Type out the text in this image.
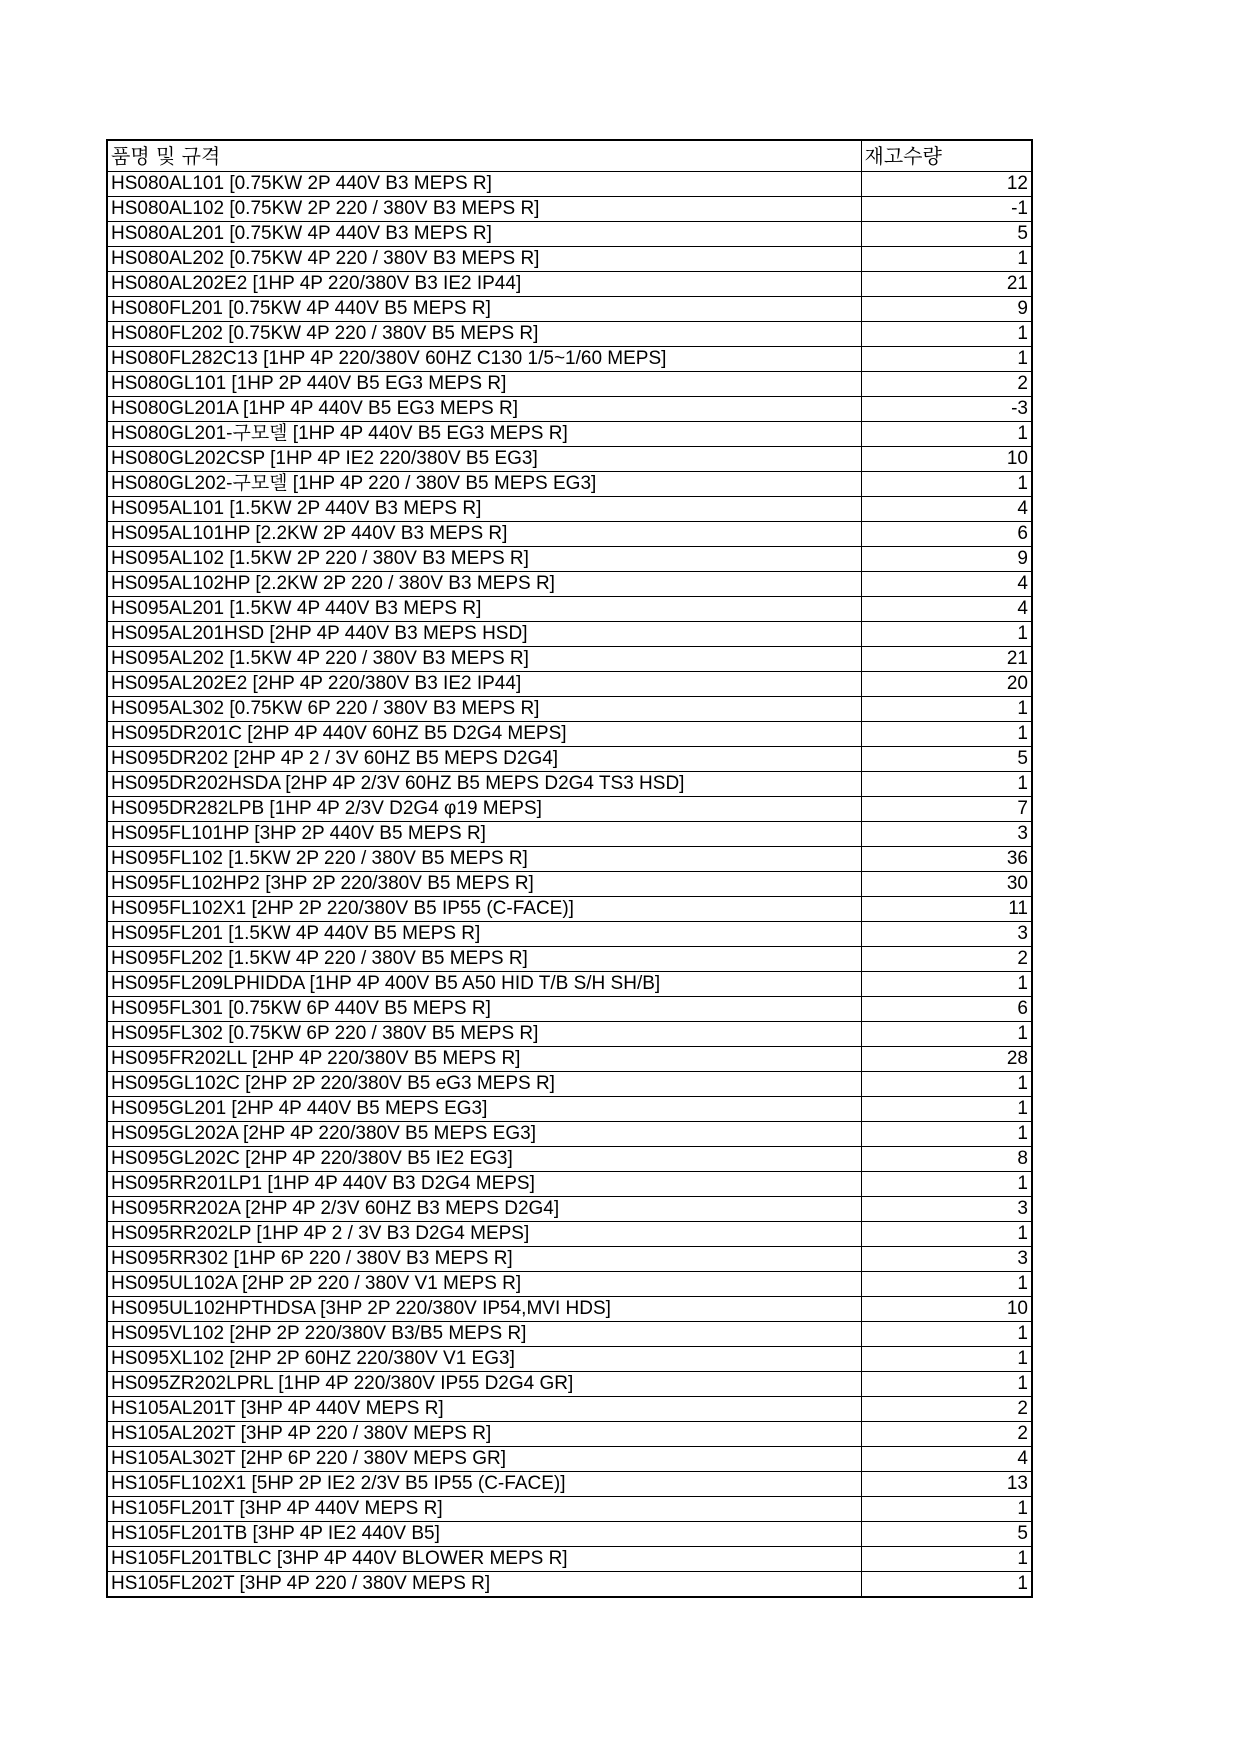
품명 및 규격	재고수량
HS080AL101 [0.75KW 2P 440V B3 MEPS R]	12
HS080AL102 [0.75KW 2P 220 / 380V B3 MEPS R]	-1
HS080AL201 [0.75KW 4P 440V B3 MEPS R]	5
HS080AL202 [0.75KW 4P 220 / 380V B3 MEPS R]	1
HS080AL202E2 [1HP 4P 220/380V B3 IE2 IP44]	21
HS080FL201 [0.75KW 4P 440V B5 MEPS R]	9
HS080FL202 [0.75KW 4P 220 / 380V B5 MEPS R]	1
HS080FL282C13 [1HP 4P 220/380V 60HZ C130 1/5~1/60 MEPS]	1
HS080GL101 [1HP 2P 440V B5 EG3 MEPS R]	2
HS080GL201A [1HP 4P 440V B5 EG3 MEPS R]	-3
HS080GL201-구모델 [1HP 4P 440V B5 EG3 MEPS R]	1
HS080GL202CSP [1HP 4P IE2 220/380V B5 EG3]	10
HS080GL202-구모델 [1HP 4P 220 / 380V B5 MEPS EG3]	1
HS095AL101 [1.5KW 2P 440V B3 MEPS R]	4
HS095AL101HP [2.2KW 2P 440V B3 MEPS R]	6
HS095AL102 [1.5KW 2P 220 / 380V B3 MEPS R]	9
HS095AL102HP [2.2KW 2P 220 / 380V B3 MEPS R]	4
HS095AL201 [1.5KW 4P 440V B3 MEPS R]	4
HS095AL201HSD [2HP 4P 440V B3 MEPS HSD]	1
HS095AL202 [1.5KW 4P 220 / 380V B3 MEPS R]	21
HS095AL202E2 [2HP 4P 220/380V B3 IE2 IP44]	20
HS095AL302 [0.75KW 6P 220 / 380V B3 MEPS R]	1
HS095DR201C [2HP 4P 440V 60HZ B5 D2G4 MEPS]	1
HS095DR202 [2HP 4P 2 / 3V 60HZ B5 MEPS D2G4]	5
HS095DR202HSDA [2HP 4P 2/3V 60HZ B5 MEPS D2G4 TS3 HSD]	1
HS095DR282LPB [1HP 4P 2/3V D2G4 φ19 MEPS]	7
HS095FL101HP [3HP 2P 440V B5 MEPS R]	3
HS095FL102 [1.5KW 2P 220 / 380V B5 MEPS R]	36
HS095FL102HP2 [3HP 2P 220/380V B5 MEPS R]	30
HS095FL102X1 [2HP 2P 220/380V B5 IP55 (C-FACE)]	11
HS095FL201 [1.5KW 4P 440V B5 MEPS R]	3
HS095FL202 [1.5KW 4P 220 / 380V B5 MEPS R]	2
HS095FL209LPHIDDA [1HP 4P 400V B5 A50 HID T/B S/H SH/B]	1
HS095FL301 [0.75KW 6P 440V B5 MEPS R]	6
HS095FL302 [0.75KW 6P 220 / 380V B5 MEPS R]	1
HS095FR202LL [2HP 4P 220/380V B5 MEPS R]	28
HS095GL102C [2HP 2P 220/380V B5 eG3 MEPS R]	1
HS095GL201 [2HP 4P 440V B5 MEPS EG3]	1
HS095GL202A [2HP 4P 220/380V B5 MEPS EG3]	1
HS095GL202C [2HP 4P 220/380V B5 IE2 EG3]	8
HS095RR201LP1 [1HP 4P 440V B3 D2G4 MEPS]	1
HS095RR202A [2HP 4P 2/3V 60HZ B3 MEPS D2G4]	3
HS095RR202LP [1HP 4P 2 / 3V B3 D2G4 MEPS]	1
HS095RR302 [1HP 6P 220 / 380V B3 MEPS R]	3
HS095UL102A [2HP 2P 220 / 380V V1 MEPS R]	1
HS095UL102HPTHDSA [3HP 2P 220/380V IP54,MVI HDS]	10
HS095VL102 [2HP 2P 220/380V B3/B5 MEPS R]	1
HS095XL102 [2HP 2P 60HZ 220/380V V1 EG3]	1
HS095ZR202LPRL [1HP 4P 220/380V IP55 D2G4 GR]	1
HS105AL201T [3HP 4P 440V MEPS R]	2
HS105AL202T [3HP 4P 220 / 380V MEPS R]	2
HS105AL302T [2HP 6P 220 / 380V MEPS GR]	4
HS105FL102X1 [5HP 2P IE2 2/3V B5 IP55 (C-FACE)]	13
HS105FL201T [3HP 4P 440V MEPS R]	1
HS105FL201TB [3HP 4P IE2 440V B5]	5
HS105FL201TBLC [3HP 4P 440V BLOWER MEPS R]	1
HS105FL202T [3HP 4P 220 / 380V MEPS R]	1
